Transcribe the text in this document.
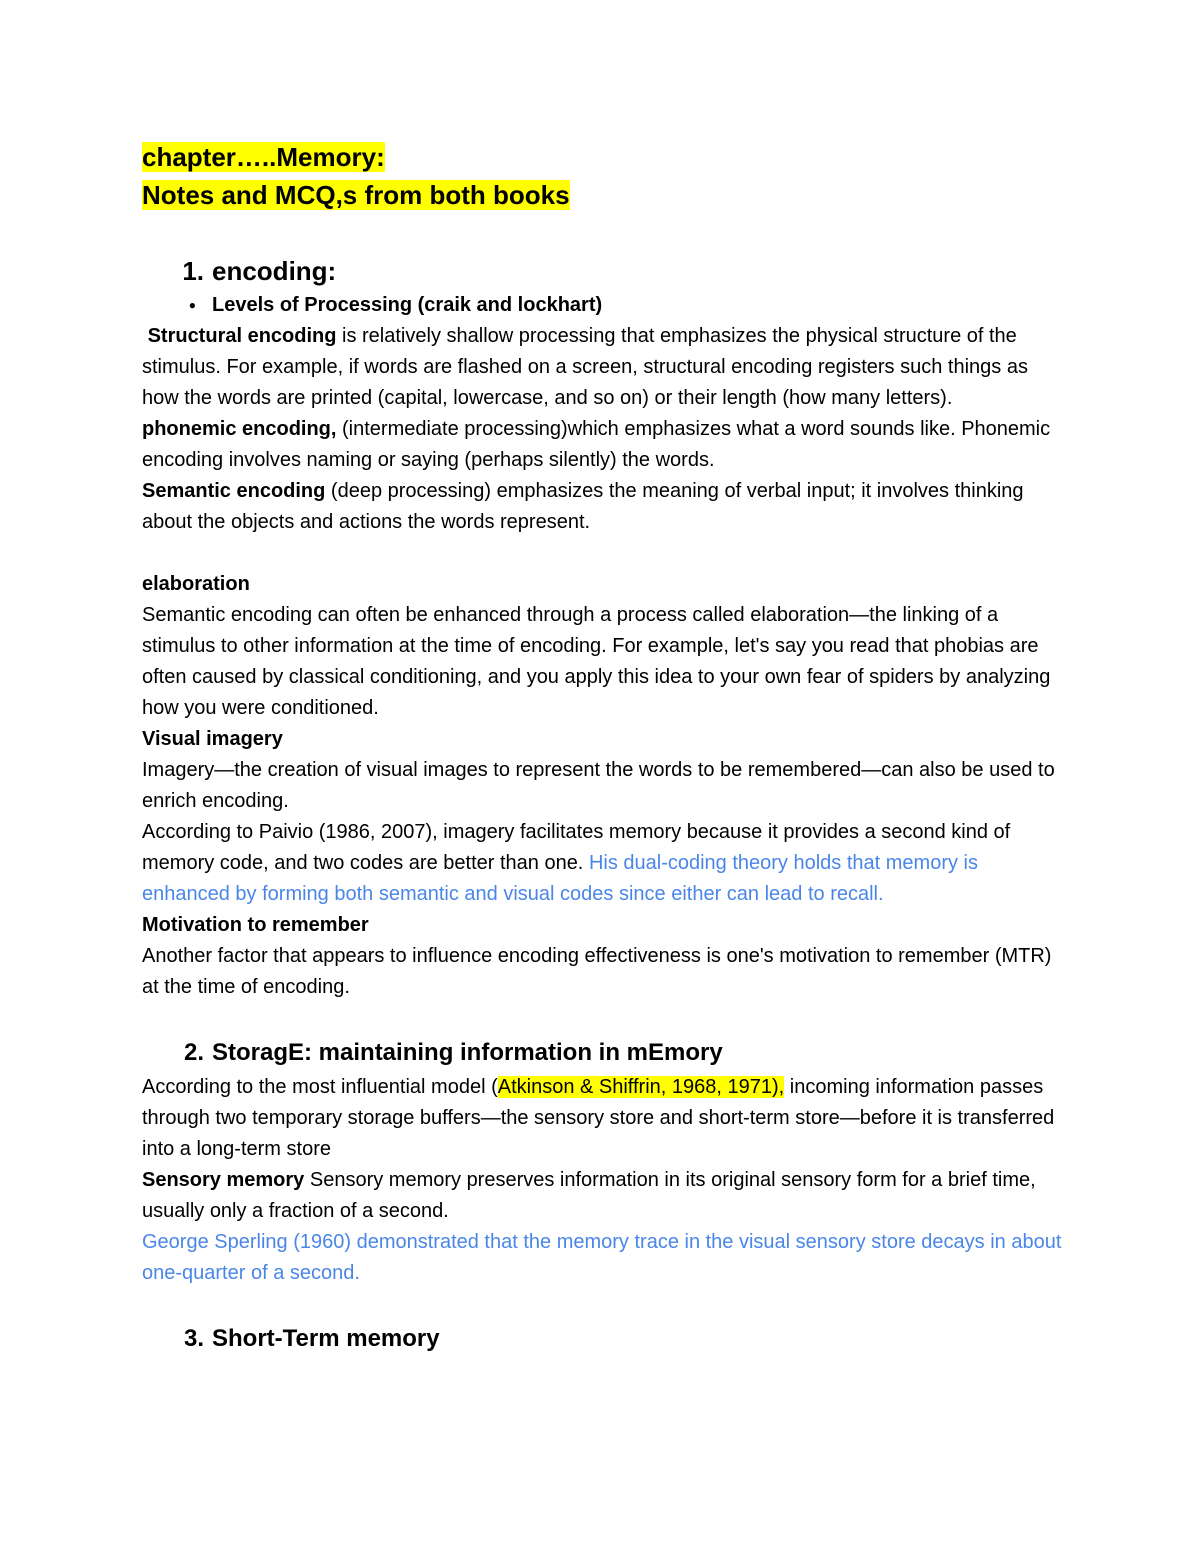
chapter…..Memory:
Notes and MCQ,s from both books
1. encoding:
● Levels of Processing (craik and lockhart)

Structural encoding is relatively shallow processing that emphasizes the physical structure of the stimulus. For example, if words are flashed on a screen, structural encoding registers such things as how the words are printed (capital, lowercase, and so on) or their length (how many letters).

phonemic encoding, (intermediate processing)which emphasizes what a word sounds like. Phonemic encoding involves naming or saying (perhaps silently) the words.

Semantic encoding (deep processing) emphasizes the meaning of verbal input; it involves thinking about the objects and actions the words represent.

elaboration

Semantic encoding can often be enhanced through a process called elaboration—the linking of a stimulus to other information at the time of encoding. For example, let's say you read that phobias are often caused by classical conditioning, and you apply this idea to your own fear of spiders by analyzing how you were conditioned.

Visual imagery

Imagery—the creation of visual images to represent the words to be remembered—can also be used to enrich encoding.

According to Paivio (1986, 2007), imagery facilitates memory because it provides a second kind of memory code, and two codes are better than one. His dual-coding theory holds that memory is enhanced by forming both semantic and visual codes since either can lead to recall.

Motivation to remember

Another factor that appears to influence encoding effectiveness is one's motivation to remember (MTR) at the time of encoding.

2. StoragE: maintaining information in mEmory

According to the most influential model (Atkinson & Shiffrin, 1968, 1971), incoming information passes through two temporary storage buffers—the sensory store and short-term store—before it is transferred into a long-term store

Sensory memory Sensory memory preserves information in its original sensory form for a brief time, usually only a fraction of a second.

George Sperling (1960) demonstrated that the memory trace in the visual sensory store decays in about one-quarter of a second.

3. Short-Term memory
